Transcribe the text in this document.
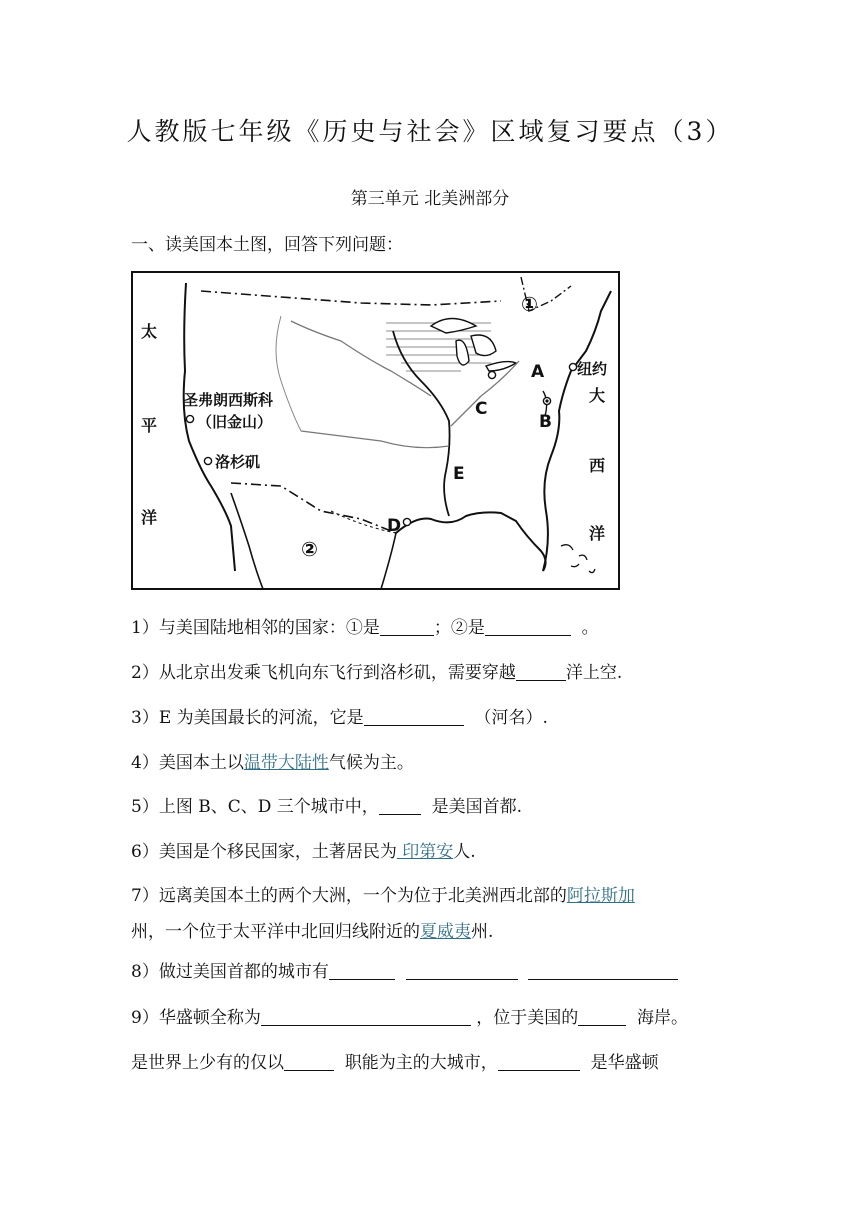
人教版七年级《历史与社会》区域复习要点（3）
第三单元 北美洲部分
一、读美国本土图，回答下列问题：
①
②
A
B
C
D
E
太
平
洋
大
西
洋
圣弗朗西斯科
（旧金山）
洛杉矶
纽约
1）与美国陆地相邻的国家：①是	；②是	。
2）从北京出发乘飞机向东飞行到洛杉矶，需要穿越	洋上空.
3）E 为美国最长的河流，它是	（河名）.
4）美国本土以温带大陆性气候为主。
5）上图 B、C、D 三个城市中，	是美国首都.
6）美国是个移民国家，土著居民为 印第安人.
7）远离美国本土的两个大洲，一个为位于北美洲西北部的阿拉斯加
州，一个位于太平洋中北回归线附近的夏威夷州.
8）做过美国首都的城市有
9）华盛顿全称为	，位于美国的	海岸。
是世界上少有的仅以	职能为主的大城市，	是华盛顿
